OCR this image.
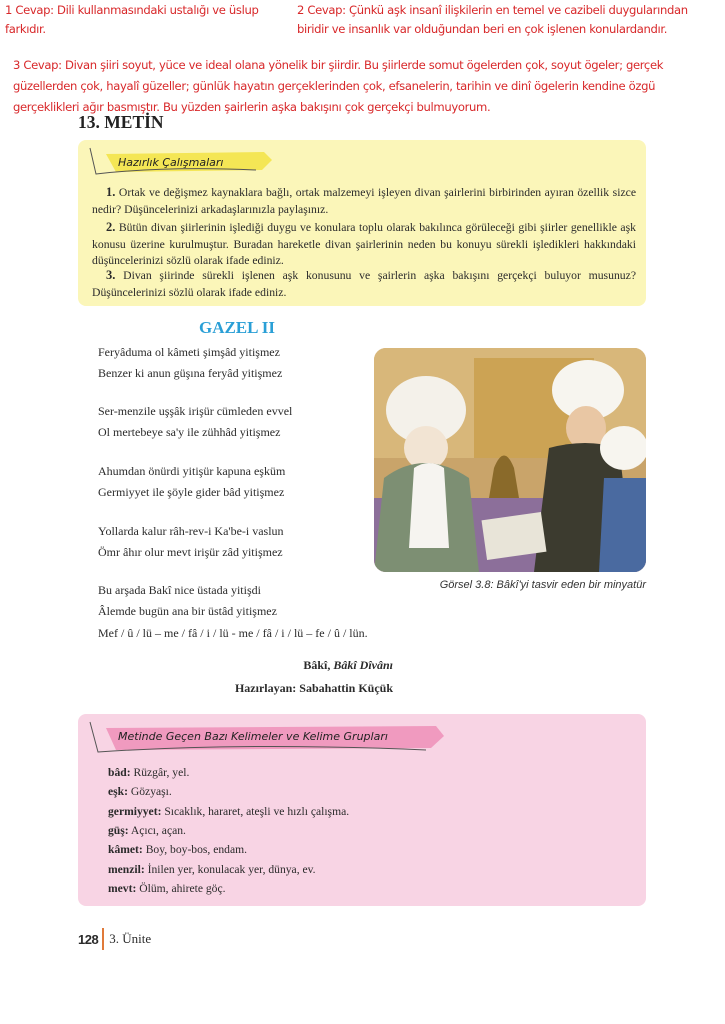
1 Cevap: Dili kullanmasındaki ustalığı ve üslup farkıdır.
2 Cevap: Çünkü aşk insanî ilişkilerin en temel ve cazibeli duygularından biridir ve insanlık var olduğundan beri en çok işlenen konulardandır.
3 Cevap: Divan şiiri soyut, yüce ve ideal olana yönelik bir şiirdir. Bu şiirlerde somut ögelerden çok, soyut ögeler; gerçek güzellerden çok, hayalî güzeller; günlük hayatın gerçeklerinden çok, efsanelerin, tarihin ve dinî ögelerin kendine özgü gerçeklikleri ağır basmıştır. Bu yüzden şairlerin aşka bakışını çok gerçekçi bulmuyorum.
13. METİN
Hazırlık Çalışmaları

1. Ortak ve değişmez kaynaklara bağlı, ortak malzemeyi işleyen divan şairlerini birbirinden ayıran özellik sizce nedir? Düşüncelerinizi arkadaşlarınızla paylaşınız.

2. Bütün divan şiirlerinin işlediği duygu ve konulara toplu olarak bakılınca görüleceği gibi şiirler genellikle aşk konusu üzerine kurulmuştur. Buradan hareketle divan şairlerinin neden bu konuyu sürekli işledikleri hakkındaki düşüncelerinizi sözlü olarak ifade ediniz.

3. Divan şiirinde sürekli işlenen aşk konusunu ve şairlerin aşka bakışını gerçekçi buluyor musunuz? Düşüncelerinizi sözlü olarak ifade ediniz.

GAZEL II
Feryâduma ol kâmeti şimşâd yitişmez
Benzer ki anun güşına feryâd yitişmez
Ser-menzile uşşâk irişür cümleden evvel
Ol mertebeye sa'y ile zühhâd yitişmez
Ahumdan önürdi yitişür kapuna eşküm
Germiyyet ile şöyle gider bâd yitişmez
Yollarda kalur râh-rev-i Ka'be-i vaslun
Ömr âhır olur mevt irişür zâd yitişmez
Bu arşada Bakî nice üstada yitişdi
Âlemde bugün ana bir üstâd yitişmez
Mef / û / lü – me / fâ / i / lü - me / fâ / i / lü – fe / û / lün.
Bâkî, Bâkî Dîvânı
Hazırlayan: Sabahattin Küçük
Görsel 3.8: Bâkî'yi tasvir eden bir minyatür
Metinde Geçen Bazı Kelimeler ve Kelime Grupları
bâd: Rüzgâr, yel.
eşk: Gözyaşı.
germiyyet: Sıcaklık, hararet, ateşli ve hızlı çalışma.
güş: Açıcı, açan.
kâmet: Boy, boy-bos, endam.
menzil: İnilen yer, konulacak yer, dünya, ev.
mevt: Ölüm, ahirete göç.
128 3. Ünite
